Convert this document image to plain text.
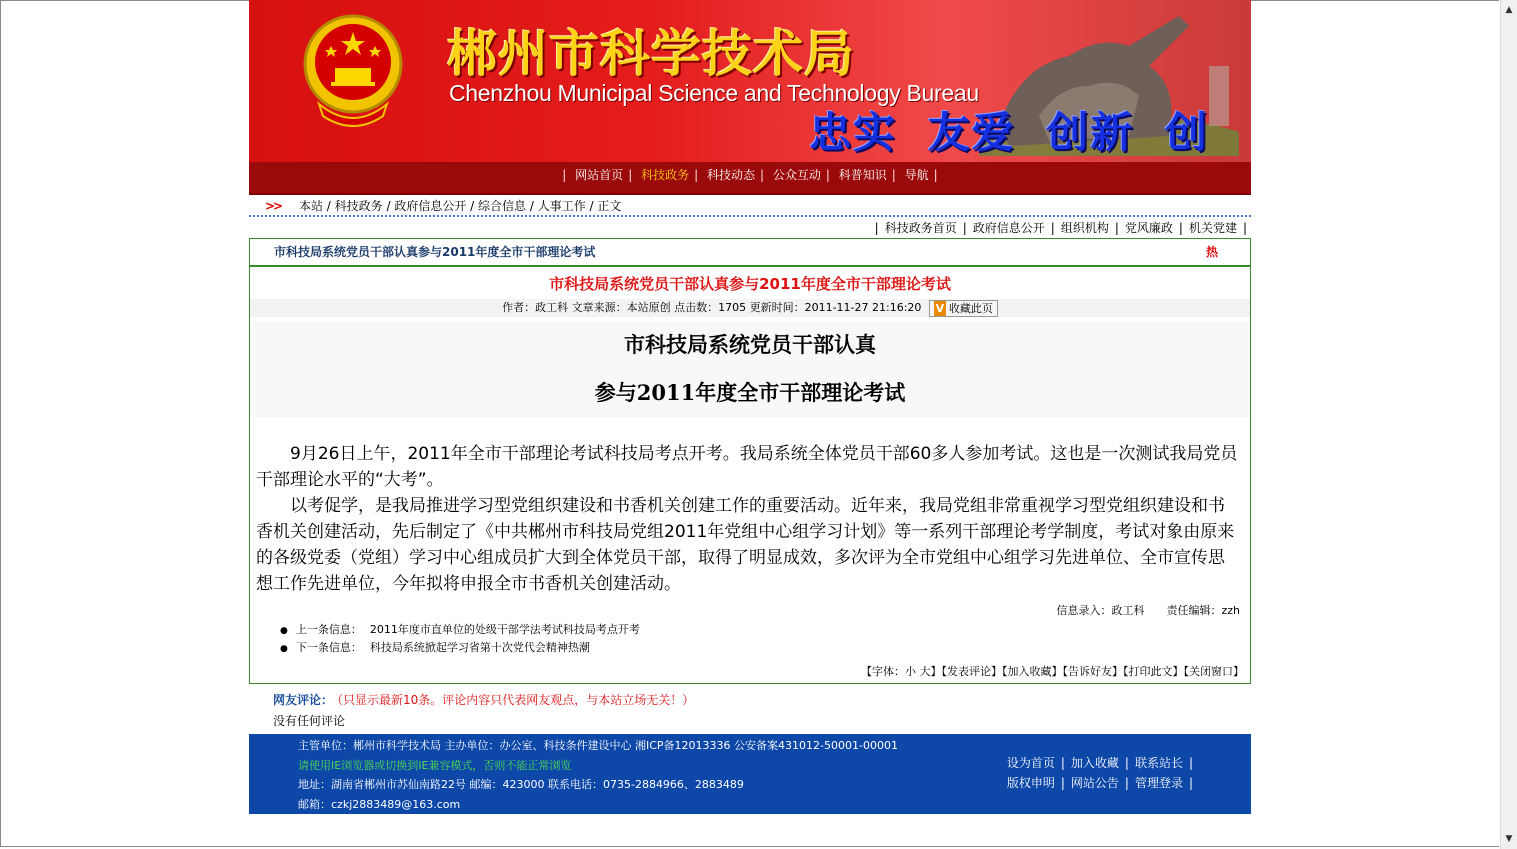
▲
▼
郴州市科学技术局
Chenzhou Municipal Science and Technology Bureau
忠实 友爱 创新 创
| 网站首页 | 科技政务 | 科技动态 | 公众互动 | 科普知识 | 导航 |
>> 本站 / 科技政务 / 政府信息公开 / 综合信息 / 人事工作 / 正文
| 科技政务首页 | 政府信息公开 | 组织机构 | 党风廉政 | 机关党建 |
市科技局系统党员干部认真参与2011年度全市干部理论考试	热
市科技局系统党员干部认真参与2011年度全市干部理论考试
作者：政工科 文章来源：本站原创 点击数：1705 更新时间：2011-11-27 21:16:20 V 收藏此页
市科技局系统党员干部认真
参与2011年度全市干部理论考试

9月26日上午，2011年全市干部理论考试科技局考点开考。我局系统全体党员干部60多人参加考试。这也是一次测试我局党员干部理论水平的“大考”。

以考促学，是我局推进学习型党组织建设和书香机关创建工作的重要活动。近年来，我局党组非常重视学习型党组织建设和书香机关创建活动，先后制定了《中共郴州市科技局党组2011年党组中心组学习计划》等一系列干部理论考学制度，考试对象由原来的各级党委（党组）学习中心组成员扩大到全体党员干部，取得了明显成效，多次评为全市党组中心组学习先进单位、全市宣传思想工作先进单位，今年拟将申报全市书香机关创建活动。

信息录入：政工科　　责任编辑：zzh
● 上一条信息： 2011年度市直单位的处级干部学法考试科技局考点开考
● 下一条信息： 科技局系统掀起学习省第十次党代会精神热潮
【字体：小 大】【发表评论】【加入收藏】【告诉好友】【打印此文】【关闭窗口】
网友评论： （只显示最新10条。评论内容只代表网友观点，与本站立场无关！）
没有任何评论
主管单位：郴州市科学技术局 主办单位：办公室、科技条件建设中心 湘ICP备12013336 公安备案431012-50001-00001
请使用IE浏览器或切换到IE兼容模式，否则不能正常浏览
地址：湖南省郴州市苏仙南路22号 邮编：423000 联系电话：0735-2884966、2883489
邮箱：czkj2883489@163.com
设为首页 | 加入收藏 | 联系站长 |
版权申明 | 网站公告 | 管理登录 |
